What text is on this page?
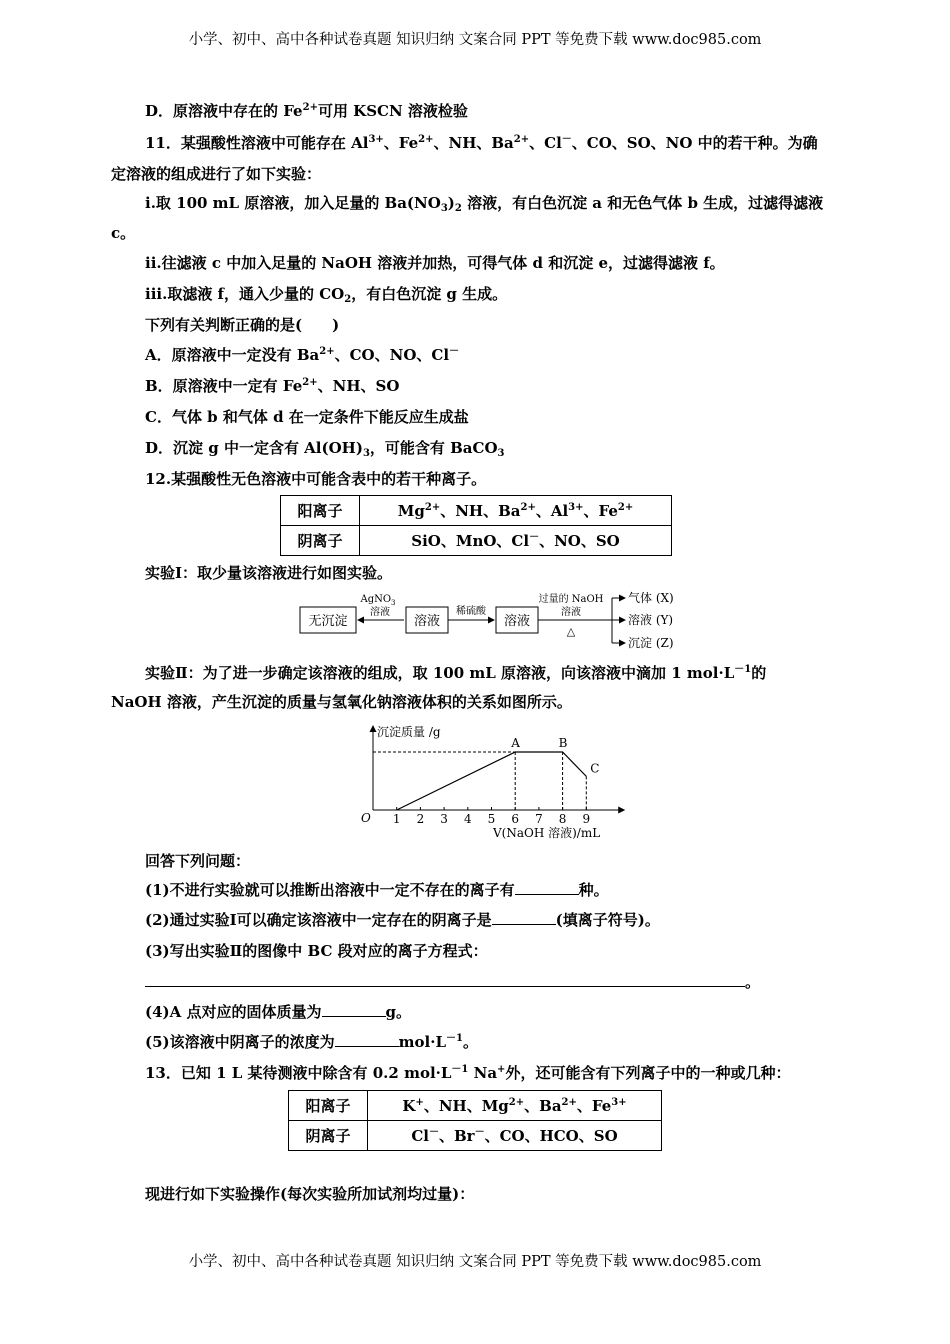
小学、初中、高中各种试卷真题 知识归纳 文案合同 PPT 等免费下载 www.doc985.com
D．原溶液中存在的 $Fe^{2+}$可用 KSCN 溶液检验
11．某强酸性溶液中可能存在 $Al^{3+}$、$Fe^{2+}$、NH、$Ba^{2+}$、Cl－、CO、SO、NO 中的若干种。为确
定溶液的组成进行了如下实验：
i.取 100 mL 原溶液，加入足量的 $Ba(NO_3)_2$ 溶液，有白色沉淀 a 和无色气体 b 生成，过滤得滤液
c。
ii.往滤液 c 中加入足量的 NaOH 溶液并加热，可得气体 d 和沉淀 e，过滤得滤液 f。
iii.取滤液 f，通入少量的 $CO_2$，有白色沉淀 g 生成。
下列有关判断正确的是(　　)
A．原溶液中一定没有 $Ba^{2+}$、CO、NO、Cl－
B．原溶液中一定有 $Fe^{2+}$、NH、SO
C．气体 b 和气体 d 在一定条件下能反应生成盐
D．沉淀 g 中一定含有 $Al(OH)_3$，可能含有 BaCO$_3$
12.某强酸性无色溶液中可能含表中的若干种离子。
阳离子	$Mg^{2+}$、NH、$Ba^{2+}$、$Al^{3+}$、$Fe^{2+}$
阴离子	SiO、MnO、Cl－、NO、SO
实验Ⅰ：取少量该溶液进行如图实验。
无沉淀
AgNO$_3$
溶液
溶液
稀硫酸
溶液
过量的 NaOH
溶液
△
气体 (X)
溶液 (Y)
沉淀 (Z)
实验Ⅱ：为了进一步确定该溶液的组成，取 100 mL 原溶液，向该溶液中滴加 1 $mol\cdot L^{-1}$的
NaOH 溶液，产生沉淀的质量与氢氧化钠溶液体积的关系如图所示。
1 2 3 4 5 6 7 8 9
A	B
C
沉淀质量 /g
V(NaOH 溶液)/mL
O
回答下列问题：
(1)不进行实验就可以推断出溶液中一定不存在的离子有	种。
(2)通过实验Ⅰ可以确定该溶液中一定存在的阴离子是	(填离子符号)。
(3)写出实验Ⅱ的图像中 BC 段对应的离子方程式：
。
(4)A 点对应的固体质量为	g。
(5)该溶液中阴离子的浓度为	$mol\cdot L^{-1}$。
13．已知 1 L 某待测液中除含有 0.2 $mol\cdot L^{-1}$ Na+外，还可能含有下列离子中的一种或几种：
阳离子	K+、NH、$Mg^{2+}$、$Ba^{2+}$、$Fe^{3+}$
阴离子	Cl－、Br－、CO、HCO、SO
现进行如下实验操作(每次实验所加试剂均过量)：
小学、初中、高中各种试卷真题 知识归纳 文案合同 PPT 等免费下载 www.doc985.com
